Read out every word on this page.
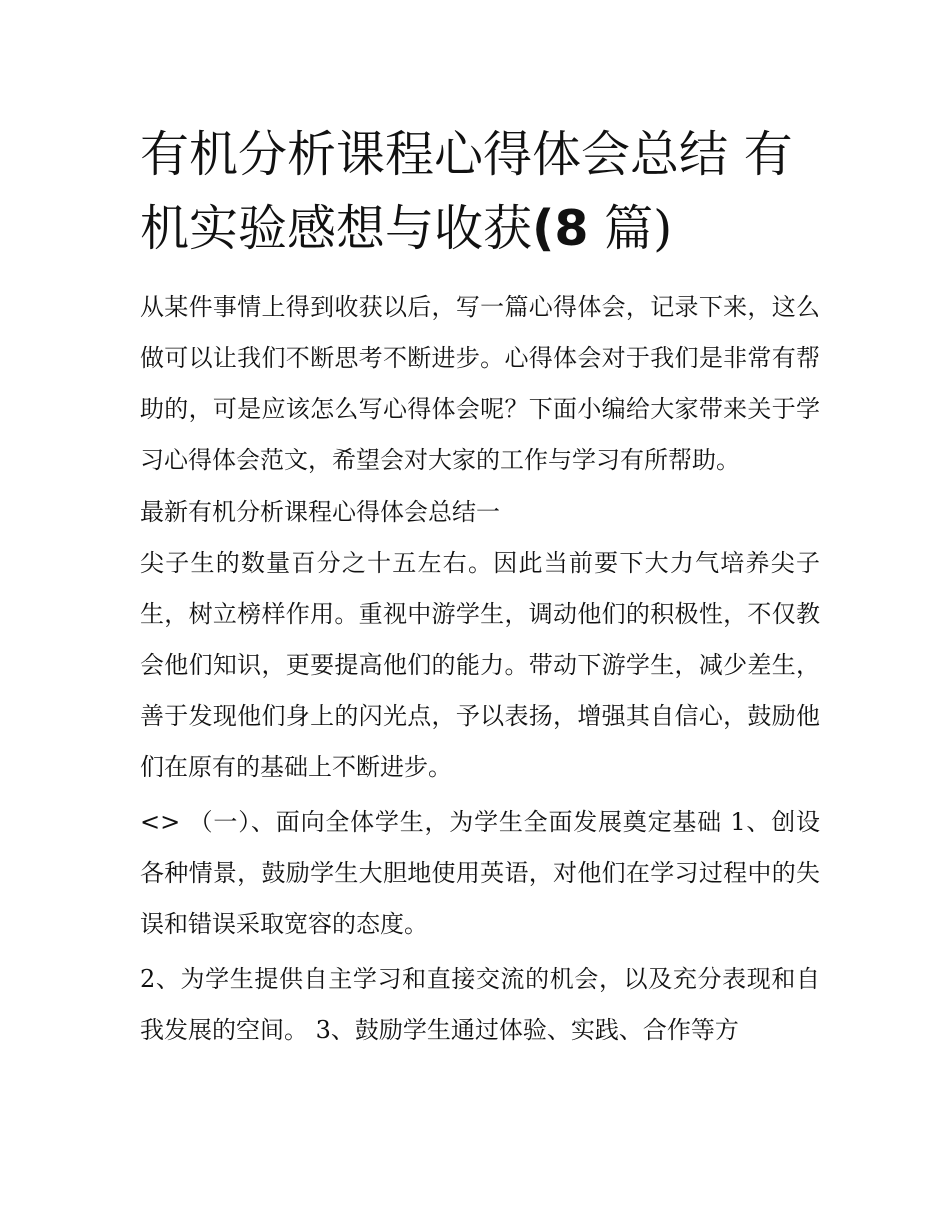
有机分析课程心得体会总结 有机实验感想与收获(8 篇)

从某件事情上得到收获以后，写一篇心得体会，记录下来，这么做可以让我们不断思考不断进步。心得体会对于我们是非常有帮助的，可是应该怎么写心得体会呢？下面小编给大家带来关于学习心得体会范文，希望会对大家的工作与学习有所帮助。

最新有机分析课程心得体会总结一

尖子生的数量百分之十五左右。因此当前要下大力气培养尖子生，树立榜样作用。重视中游学生，调动他们的积极性，不仅教会他们知识，更要提高他们的能力。带动下游学生，减少差生，善于发现他们身上的闪光点，予以表扬，增强其自信心，鼓励他们在原有的基础上不断进步。

<> （一）、面向全体学生，为学生全面发展奠定基础 1、创设各种情景，鼓励学生大胆地使用英语，对他们在学习过程中的失误和错误采取宽容的态度。

2、为学生提供自主学习和直接交流的机会，以及充分表现和自我发展的空间。 3、鼓励学生通过体验、实践、合作等方
